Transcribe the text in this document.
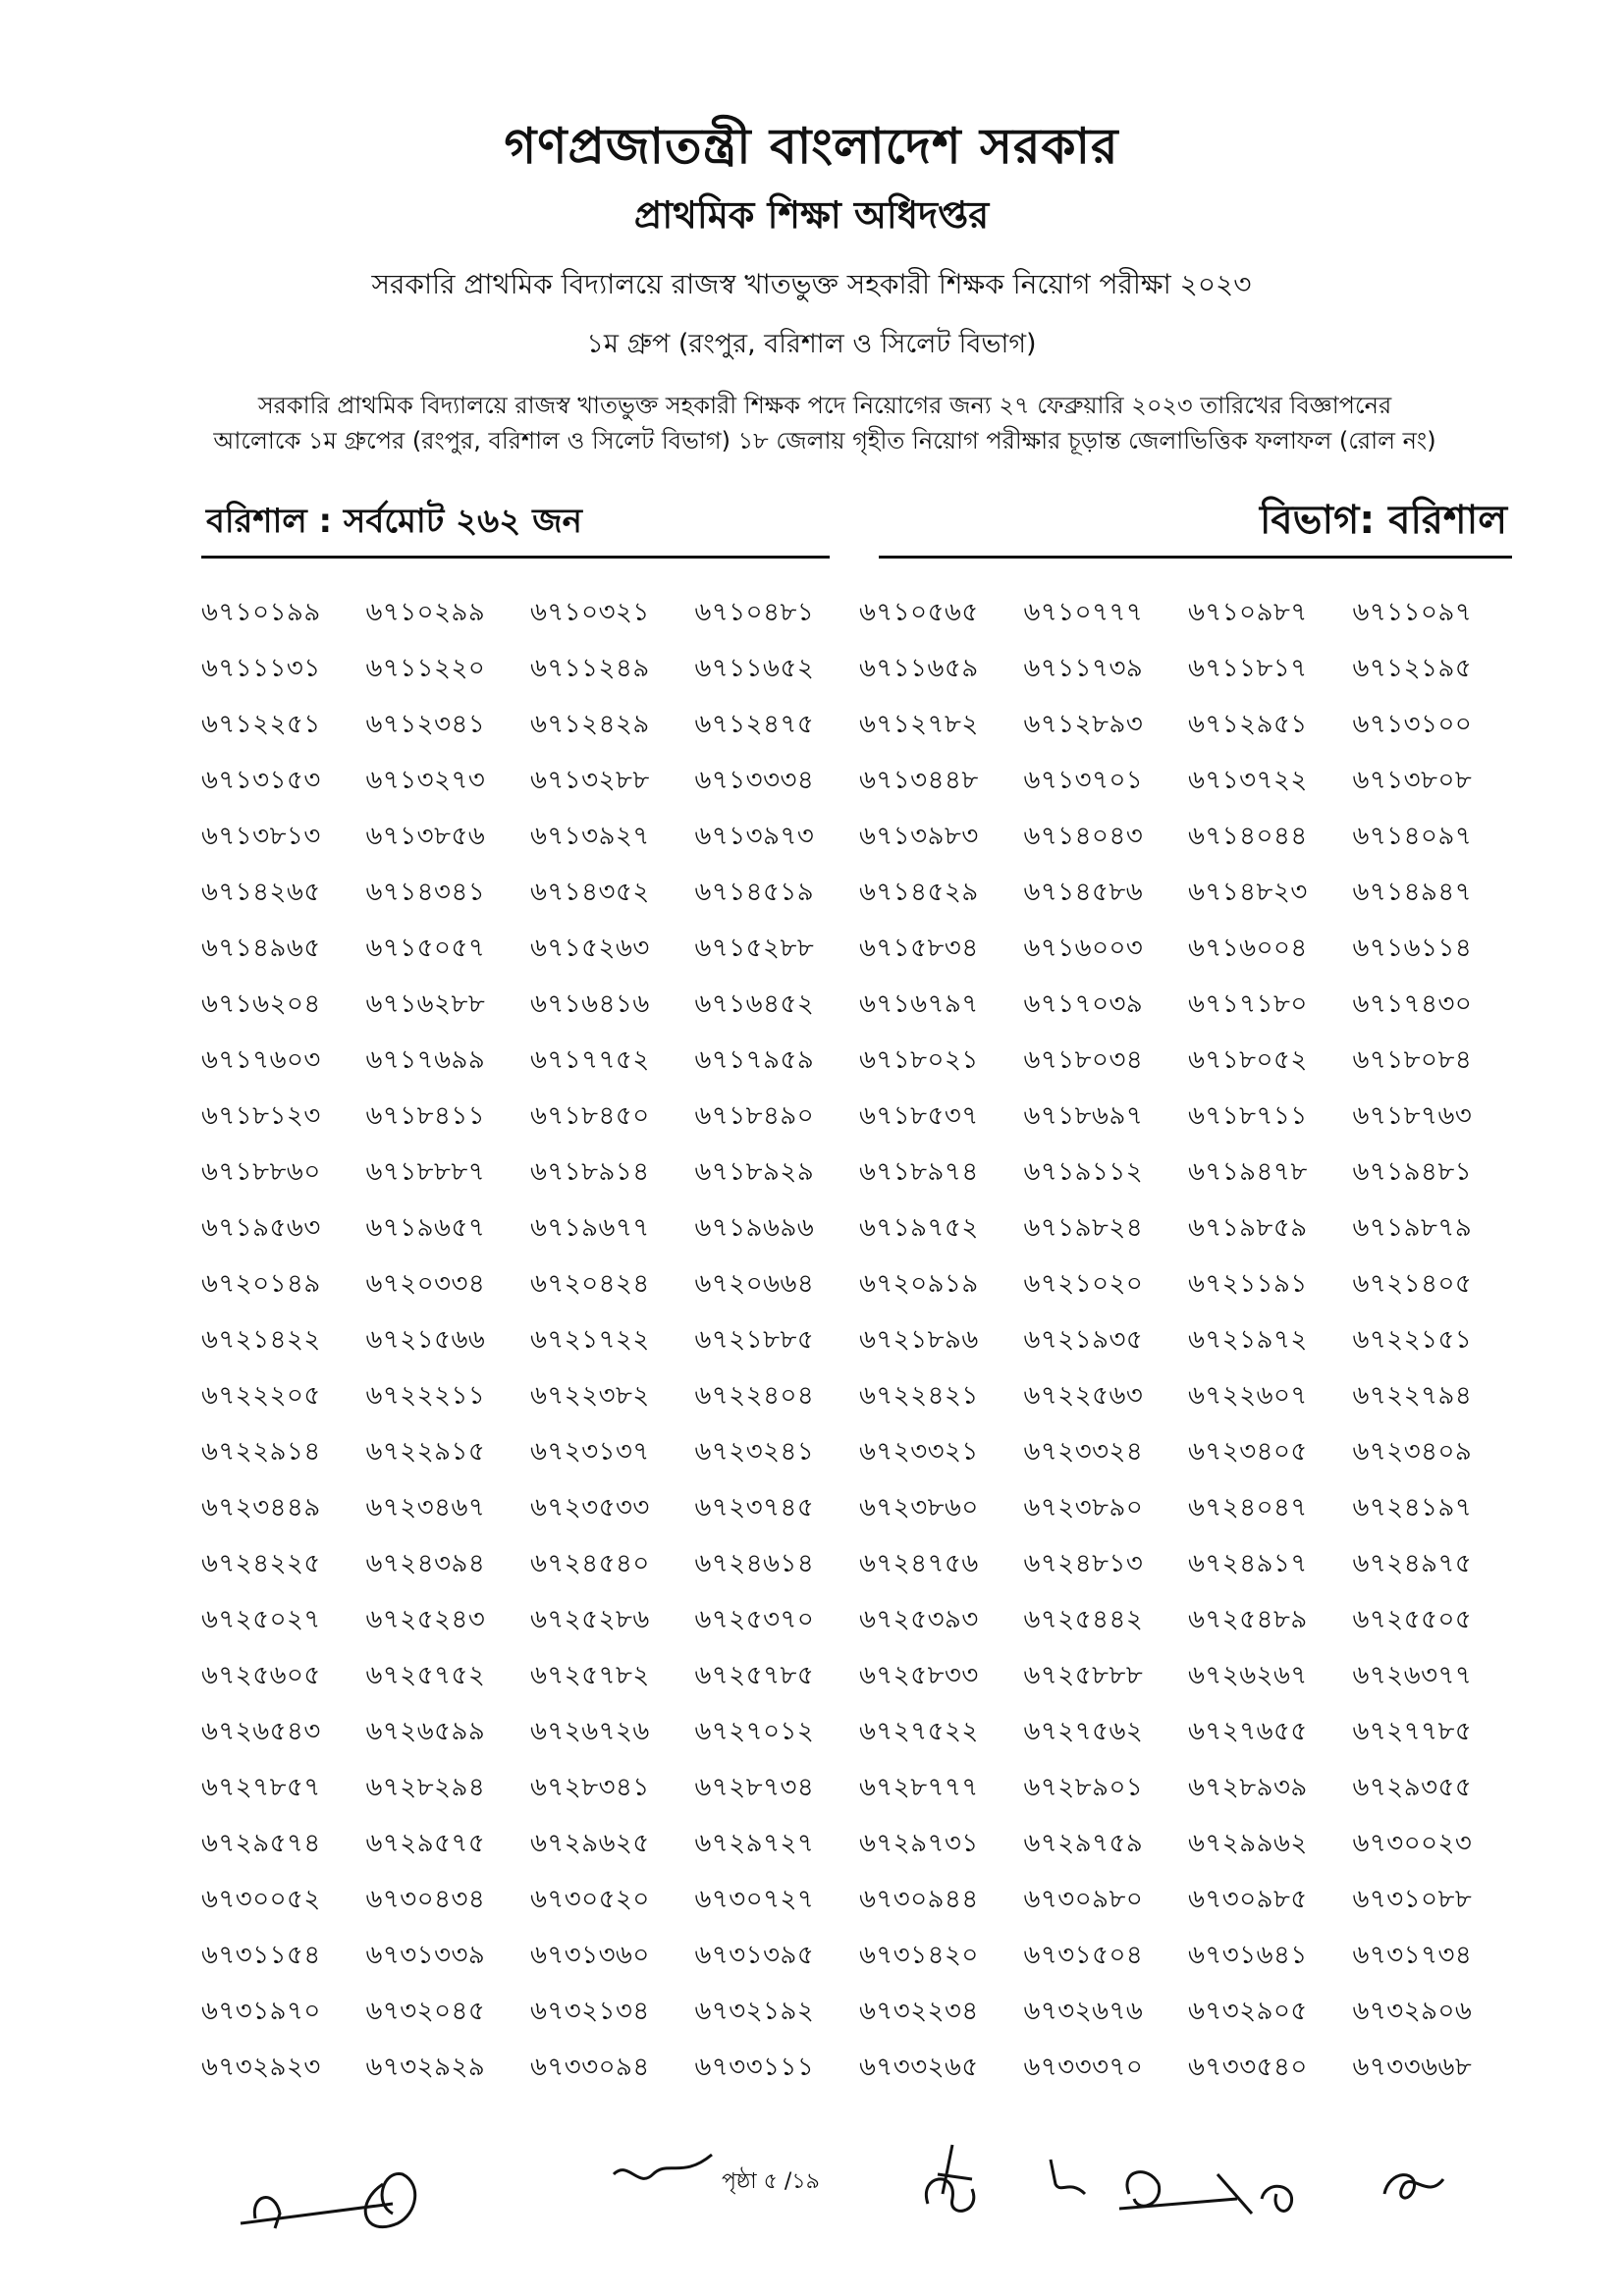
গণপ্রজাতন্ত্রী বাংলাদেশ সরকার
প্রাথমিক শিক্ষা অধিদপ্তর
সরকারি প্রাথমিক বিদ্যালয়ে রাজস্ব খাতভুক্ত সহকারী শিক্ষক নিয়োগ পরীক্ষা ২০২৩
১ম গ্রুপ (রংপুর, বরিশাল ও সিলেট বিভাগ)
সরকারি প্রাথমিক বিদ্যালয়ে রাজস্ব খাতভুক্ত সহকারী শিক্ষক পদে নিয়োগের জন্য ২৭ ফেব্রুয়ারি ২০২৩ তারিখের বিজ্ঞাপনের
আলোকে ১ম গ্রুপের (রংপুর, বরিশাল ও সিলেট বিভাগ) ১৮ জেলায় গৃহীত নিয়োগ পরীক্ষার চূড়ান্ত জেলাভিত্তিক ফলাফল (রোল নং)
বরিশাল : সর্বমোট ২৬২ জন	বিভাগ: বরিশাল
৬৭১০১৯৯	৬৭১০২৯৯	৬৭১০৩২১	৬৭১০৪৮১	৬৭১০৫৬৫	৬৭১০৭৭৭	৬৭১০৯৮৭	৬৭১১০৯৭
৬৭১১১৩১	৬৭১১২২০	৬৭১১২৪৯	৬৭১১৬৫২	৬৭১১৬৫৯	৬৭১১৭৩৯	৬৭১১৮১৭	৬৭১২১৯৫
৬৭১২২৫১	৬৭১২৩৪১	৬৭১২৪২৯	৬৭১২৪৭৫	৬৭১২৭৮২	৬৭১২৮৯৩	৬৭১২৯৫১	৬৭১৩১০০
৬৭১৩১৫৩	৬৭১৩২৭৩	৬৭১৩২৮৮	৬৭১৩৩৩৪	৬৭১৩৪৪৮	৬৭১৩৭০১	৬৭১৩৭২২	৬৭১৩৮০৮
৬৭১৩৮১৩	৬৭১৩৮৫৬	৬৭১৩৯২৭	৬৭১৩৯৭৩	৬৭১৩৯৮৩	৬৭১৪০৪৩	৬৭১৪০৪৪	৬৭১৪০৯৭
৬৭১৪২৬৫	৬৭১৪৩৪১	৬৭১৪৩৫২	৬৭১৪৫১৯	৬৭১৪৫২৯	৬৭১৪৫৮৬	৬৭১৪৮২৩	৬৭১৪৯৪৭
৬৭১৪৯৬৫	৬৭১৫০৫৭	৬৭১৫২৬৩	৬৭১৫২৮৮	৬৭১৫৮৩৪	৬৭১৬০০৩	৬৭১৬০০৪	৬৭১৬১১৪
৬৭১৬২০৪	৬৭১৬২৮৮	৬৭১৬৪১৬	৬৭১৬৪৫২	৬৭১৬৭৯৭	৬৭১৭০৩৯	৬৭১৭১৮০	৬৭১৭৪৩০
৬৭১৭৬০৩	৬৭১৭৬৯৯	৬৭১৭৭৫২	৬৭১৭৯৫৯	৬৭১৮০২১	৬৭১৮০৩৪	৬৭১৮০৫২	৬৭১৮০৮৪
৬৭১৮১২৩	৬৭১৮৪১১	৬৭১৮৪৫০	৬৭১৮৪৯০	৬৭১৮৫৩৭	৬৭১৮৬৯৭	৬৭১৮৭১১	৬৭১৮৭৬৩
৬৭১৮৮৬০	৬৭১৮৮৮৭	৬৭১৮৯১৪	৬৭১৮৯২৯	৬৭১৮৯৭৪	৬৭১৯১১২	৬৭১৯৪৭৮	৬৭১৯৪৮১
৬৭১৯৫৬৩	৬৭১৯৬৫৭	৬৭১৯৬৭৭	৬৭১৯৬৯৬	৬৭১৯৭৫২	৬৭১৯৮২৪	৬৭১৯৮৫৯	৬৭১৯৮৭৯
৬৭২০১৪৯	৬৭২০৩৩৪	৬৭২০৪২৪	৬৭২০৬৬৪	৬৭২০৯১৯	৬৭২১০২০	৬৭২১১৯১	৬৭২১৪০৫
৬৭২১৪২২	৬৭২১৫৬৬	৬৭২১৭২২	৬৭২১৮৮৫	৬৭২১৮৯৬	৬৭২১৯৩৫	৬৭২১৯৭২	৬৭২২১৫১
৬৭২২২০৫	৬৭২২২১১	৬৭২২৩৮২	৬৭২২৪০৪	৬৭২২৪২১	৬৭২২৫৬৩	৬৭২২৬০৭	৬৭২২৭৯৪
৬৭২২৯১৪	৬৭২২৯১৫	৬৭২৩১৩৭	৬৭২৩২৪১	৬৭২৩৩২১	৬৭২৩৩২৪	৬৭২৩৪০৫	৬৭২৩৪০৯
৬৭২৩৪৪৯	৬৭২৩৪৬৭	৬৭২৩৫৩৩	৬৭২৩৭৪৫	৬৭২৩৮৬০	৬৭২৩৮৯০	৬৭২৪০৪৭	৬৭২৪১৯৭
৬৭২৪২২৫	৬৭২৪৩৯৪	৬৭২৪৫৪০	৬৭২৪৬১৪	৬৭২৪৭৫৬	৬৭২৪৮১৩	৬৭২৪৯১৭	৬৭২৪৯৭৫
৬৭২৫০২৭	৬৭২৫২৪৩	৬৭২৫২৮৬	৬৭২৫৩৭০	৬৭২৫৩৯৩	৬৭২৫৪৪২	৬৭২৫৪৮৯	৬৭২৫৫০৫
৬৭২৫৬০৫	৬৭২৫৭৫২	৬৭২৫৭৮২	৬৭২৫৭৮৫	৬৭২৫৮৩৩	৬৭২৫৮৮৮	৬৭২৬২৬৭	৬৭২৬৩৭৭
৬৭২৬৫৪৩	৬৭২৬৫৯৯	৬৭২৬৭২৬	৬৭২৭০১২	৬৭২৭৫২২	৬৭২৭৫৬২	৬৭২৭৬৫৫	৬৭২৭৭৮৫
৬৭২৭৮৫৭	৬৭২৮২৯৪	৬৭২৮৩৪১	৬৭২৮৭৩৪	৬৭২৮৭৭৭	৬৭২৮৯০১	৬৭২৮৯৩৯	৬৭২৯৩৫৫
৬৭২৯৫৭৪	৬৭২৯৫৭৫	৬৭২৯৬২৫	৬৭২৯৭২৭	৬৭২৯৭৩১	৬৭২৯৭৫৯	৬৭২৯৯৬২	৬৭৩০০২৩
৬৭৩০০৫২	৬৭৩০৪৩৪	৬৭৩০৫২০	৬৭৩০৭২৭	৬৭৩০৯৪৪	৬৭৩০৯৮০	৬৭৩০৯৮৫	৬৭৩১০৮৮
৬৭৩১১৫৪	৬৭৩১৩৩৯	৬৭৩১৩৬০	৬৭৩১৩৯৫	৬৭৩১৪২০	৬৭৩১৫০৪	৬৭৩১৬৪১	৬৭৩১৭৩৪
৬৭৩১৯৭০	৬৭৩২০৪৫	৬৭৩২১৩৪	৬৭৩২১৯২	৬৭৩২২৩৪	৬৭৩২৬৭৬	৬৭৩২৯০৫	৬৭৩২৯০৬
৬৭৩২৯২৩	৬৭৩২৯২৯	৬৭৩৩০৯৪	৬৭৩৩১১১	৬৭৩৩২৬৫	৬৭৩৩৩৭০	৬৭৩৩৫৪০	৬৭৩৩৬৬৮
পৃষ্ঠা ৫ /১৯
